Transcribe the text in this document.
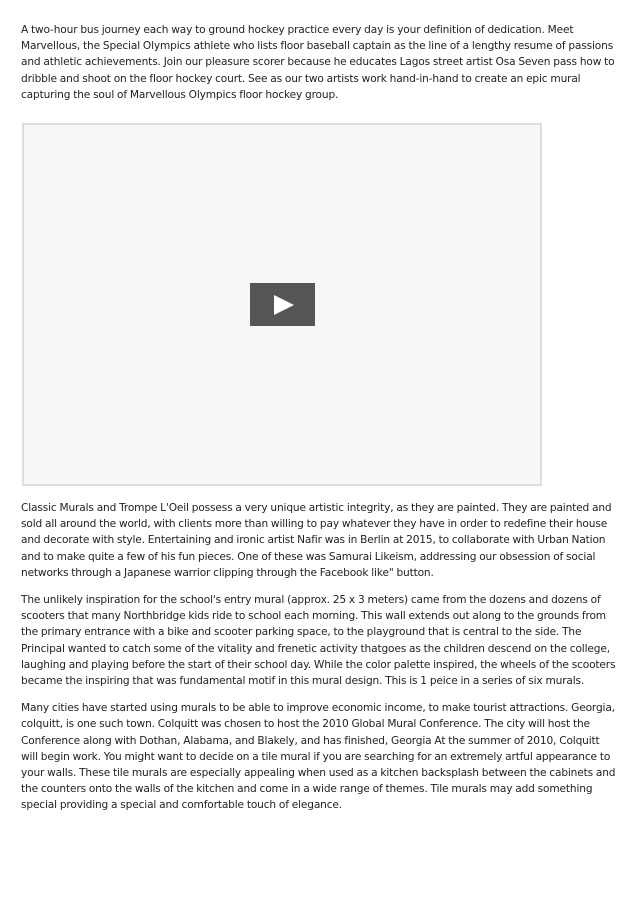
A two-hour bus journey each way to ground hockey practice every day is your definition of dedication. Meet Marvellous, the Special Olympics athlete who lists floor baseball captain as the line of a lengthy resume of passions and athletic achievements. Join our pleasure scorer because he educates Lagos street artist Osa Seven pass how to dribble and shoot on the floor hockey court. See as our two artists work hand-in-hand to create an epic mural capturing the soul of Marvellous Olympics floor hockey group.

Classic Murals and Trompe L'Oeil possess a very unique artistic integrity, as they are painted. They are painted and sold all around the world, with clients more than willing to pay whatever they have in order to redefine their house and decorate with style. Entertaining and ironic artist Nafir was in Berlin at 2015, to collaborate with Urban Nation and to make quite a few of his fun pieces. One of these was Samurai Likeism, addressing our obsession of social networks through a Japanese warrior clipping through the Facebook like" button.

The unlikely inspiration for the school's entry mural (approx. 25 x 3 meters) came from the dozens and dozens of scooters that many Northbridge kids ride to school each morning. This wall extends out along to the grounds from the primary entrance with a bike and scooter parking space, to the playground that is central to the side. The Principal wanted to catch some of the vitality and frenetic activity thatgoes as the children descend on the college, laughing and playing before the start of their school day. While the color palette inspired, the wheels of the scooters became the inspiring that was fundamental motif in this mural design. This is 1 peice in a series of six murals.

Many cities have started using murals to be able to improve economic income, to make tourist attractions. Georgia, colquitt, is one such town. Colquitt was chosen to host the 2010 Global Mural Conference. The city will host the Conference along with Dothan, Alabama, and Blakely, and has finished, Georgia At the summer of 2010, Colquitt will begin work. You might want to decide on a tile mural if you are searching for an extremely artful appearance to your walls. These tile murals are especially appealing when used as a kitchen backsplash between the cabinets and the counters onto the walls of the kitchen and come in a wide range of themes. Tile murals may add something special providing a special and comfortable touch of elegance.
